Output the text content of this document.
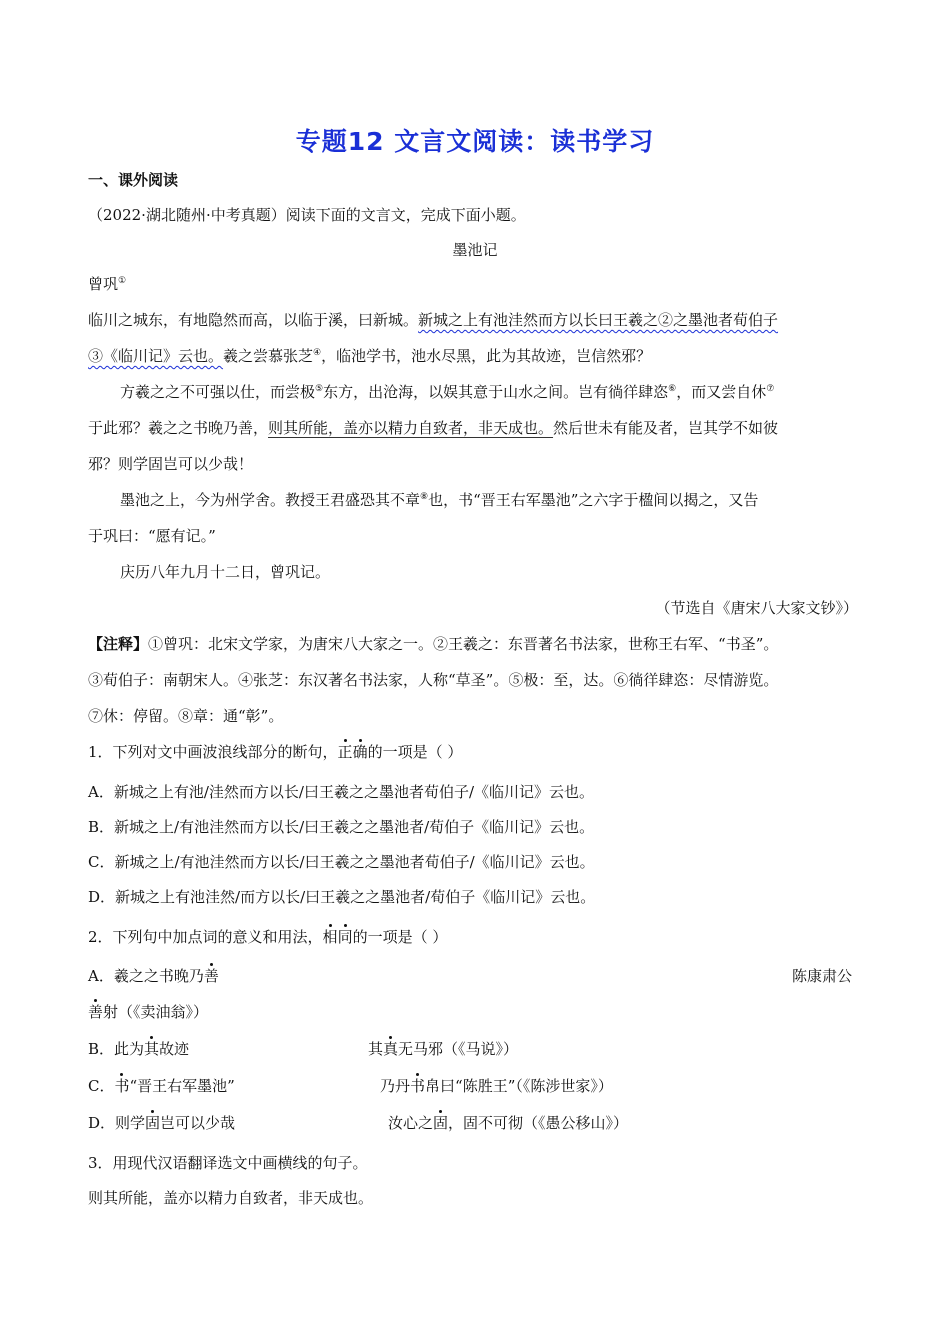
专题12 文言文阅读：读书学习
一、课外阅读
（2022·湖北随州·中考真题）阅读下面的文言文，完成下面小题。
墨池记
曾巩①
临川之城东，有地隐然而高，以临于溪，曰新城。新城之上有池洼然而方以长曰王羲之②之墨池者荀伯子
③《临川记》云也。羲之尝慕张芝④，临池学书，池水尽黑，此为其故迹，岂信然邪？
方羲之之不可强以仕，而尝极⑤东方，出沧海，以娱其意于山水之间。岂有徜徉肆恣⑥，而又尝自休⑦
于此邪？羲之之书晚乃善，则其所能，盖亦以精力自致者，非天成也。然后世未有能及者，岂其学不如彼
邪？则学固岂可以少哉！
墨池之上，今为州学舍。教授王君盛恐其不章⑧也，书“晋王右军墨池”之六字于楹间以揭之，又告
于巩曰：“愿有记。”
庆历八年九月十二日，曾巩记。
（节选自《唐宋八大家文钞》）
【注释】①曾巩：北宋文学家，为唐宋八大家之一。②王羲之：东晋著名书法家，世称王右军、“书圣”。
③荀伯子：南朝宋人。④张芝：东汉著名书法家，人称“草圣”。⑤极：至，达。⑥徜徉肆恣：尽情游览。
⑦休：停留。⑧章：通“彰”。
1．下列对文中画波浪线部分的断句，正确的一项是（ ）
A．新城之上有池/洼然而方以长/曰王羲之之墨池者荀伯子/《临川记》云也。
B．新城之上/有池洼然而方以长/曰王羲之之墨池者/荀伯子《临川记》云也。
C．新城之上/有池洼然而方以长/曰王羲之之墨池者荀伯子/《临川记》云也。
D．新城之上有池洼然/而方以长/曰王羲之之墨池者/荀伯子《临川记》云也。
2．下列句中加点词的意义和用法，相同的一项是（ ）
A．羲之之书晚乃善	陈康肃公
善射（《卖油翁》）
B．此为其故迹	其真无马邪（《马说》）
C．书“晋王右军墨池”	乃丹书帛曰“陈胜王”（《陈涉世家》）
D．则学固岂可以少哉	汝心之固，固不可彻（《愚公移山》）
3．用现代汉语翻译选文中画横线的句子。
则其所能，盖亦以精力自致者，非天成也。
